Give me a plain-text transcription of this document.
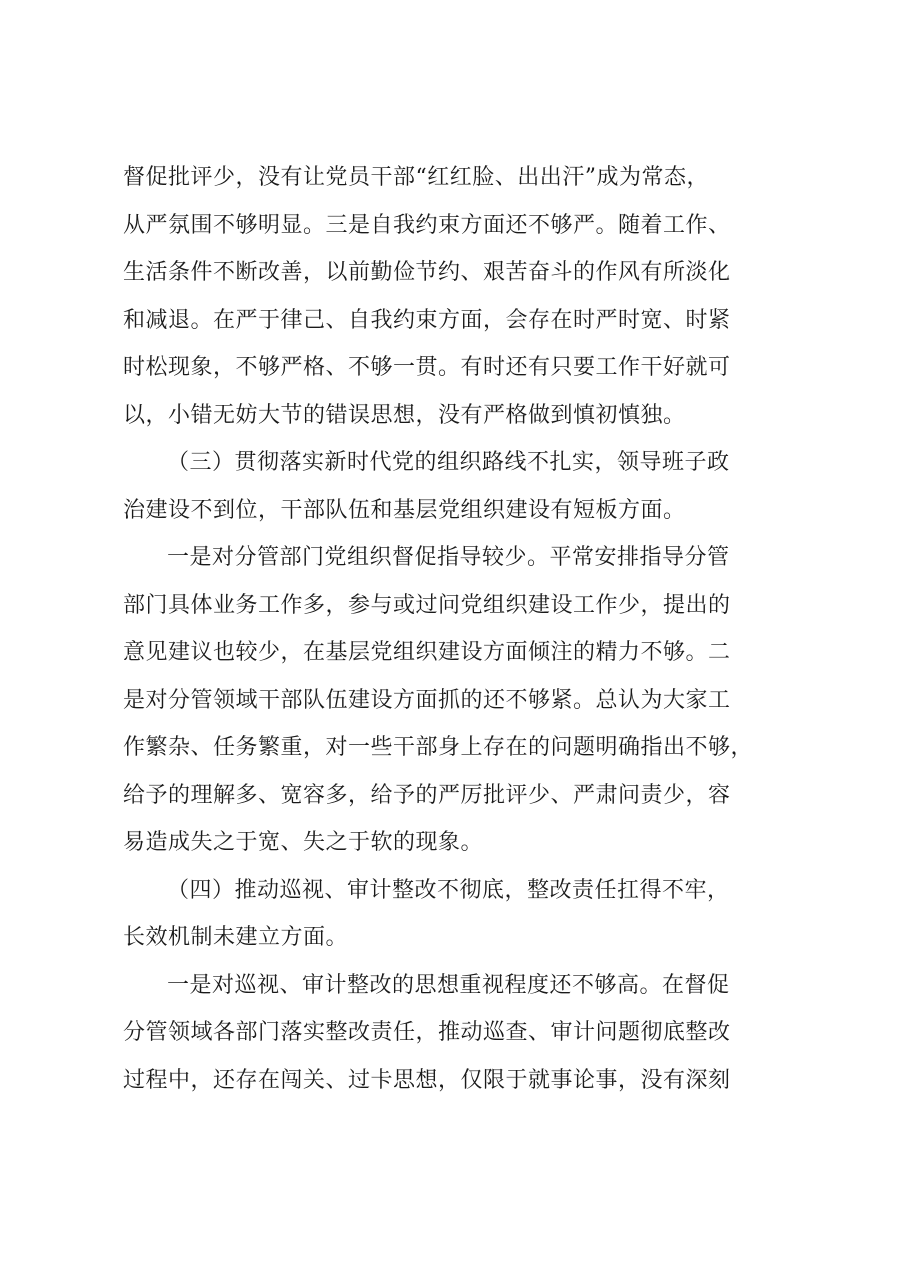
督促批评少，没有让党员干部“红红脸、出出汗”成为常态，
从严氛围不够明显。三是自我约束方面还不够严。随着工作、
生活条件不断改善，以前勤俭节约、艰苦奋斗的作风有所淡化
和减退。在严于律己、自我约束方面，会存在时严时宽、时紧
时松现象，不够严格、不够一贯。有时还有只要工作干好就可
以，小错无妨大节的错误思想，没有严格做到慎初慎独。
（三）贯彻落实新时代党的组织路线不扎实，领导班子政
治建设不到位，干部队伍和基层党组织建设有短板方面。
一是对分管部门党组织督促指导较少。平常安排指导分管
部门具体业务工作多，参与或过问党组织建设工作少，提出的
意见建议也较少，在基层党组织建设方面倾注的精力不够。二
是对分管领域干部队伍建设方面抓的还不够紧。总认为大家工
作繁杂、任务繁重，对一些干部身上存在的问题明确指出不够，
给予的理解多、宽容多，给予的严厉批评少、严肃问责少，容
易造成失之于宽、失之于软的现象。
（四）推动巡视、审计整改不彻底，整改责任扛得不牢，
长效机制未建立方面。
一是对巡视、审计整改的思想重视程度还不够高。在督促
分管领域各部门落实整改责任，推动巡查、审计问题彻底整改
过程中，还存在闯关、过卡思想，仅限于就事论事，没有深刻
